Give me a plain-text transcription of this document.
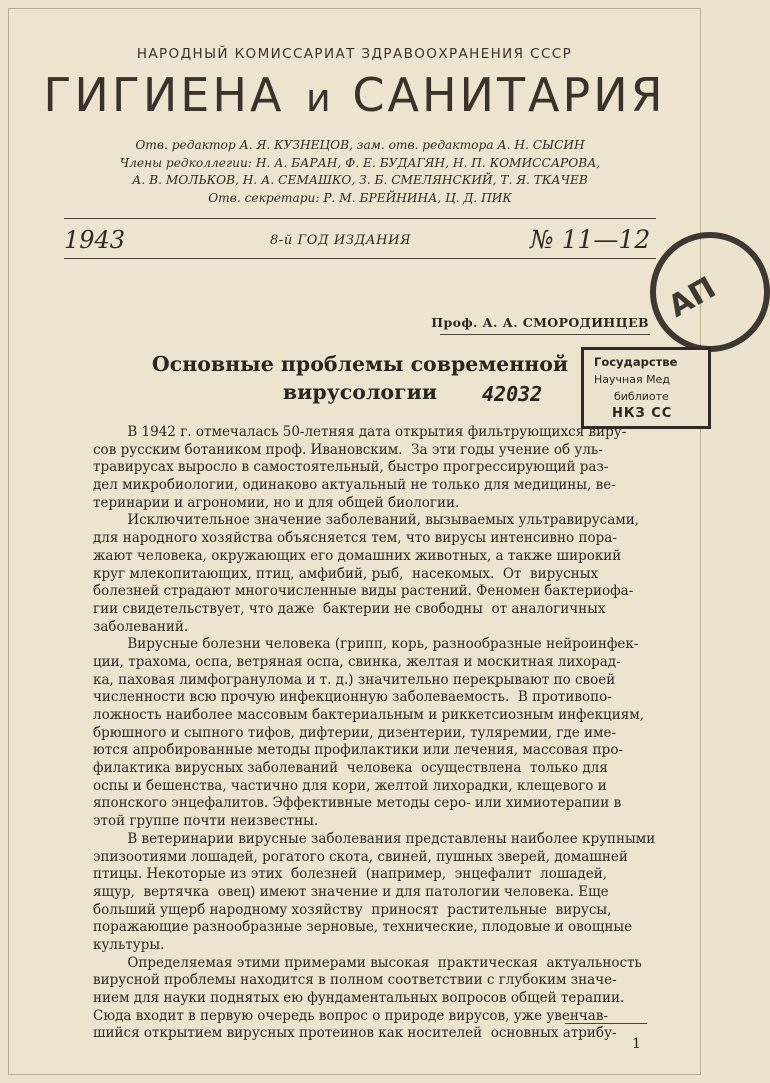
НАРОДНЫЙ КОМИССАРИАТ ЗДРАВООХРАНЕНИЯ СССР
ГИГИЕНА и САНИТАРИЯ
Отв. редактор А. Я. КУЗНЕЦОВ, зам. отв. редактора А. Н. СЫСИН
Члены редколлегии: Н. А. БАРАН, Ф. Е. БУДАГЯН, Н. П. КОМИССАРОВА,
А. В. МОЛЬКОВ, Н. А. СЕМАШКО, З. Б. СМЕЛЯНСКИЙ, Т. Я. ТКАЧЕВ
Отв. секретари: Р. М. БРЕЙНИНА, Ц. Д. ПИК
1943	8-й ГОД ИЗДАНИЯ	№ 11—12
АП
Проф. А. А. СМОРОДИНЦЕВ
Основные проблемы современной
вирусологии	42032
Государстве
Научная Мед
библиоте
НКЗ СС
В 1942 г. отмечалась 50-летняя дата открытия фильтрующихся виру-
сов русским ботаником проф. Ивановским.  За эти годы учение об уль-
травирусах выросло в самостоятельный, быстро прогрессирующий раз-
дел микробиологии, одинаково актуальный не только для медицины, ве-
теринарии и агрономии, но и для общей биологии.
Исключительное значение заболеваний, вызываемых ультравирусами,
для народного хозяйства объясняется тем, что вирусы интенсивно пора-
жают человека, окружающих его домашних животных, а также широкий
круг млекопитающих, птиц, амфибий, рыб,  насекомых.  От  вирусных
болезней страдают многочисленные виды растений. Феномен бактериофа-
гии свидетельствует, что даже  бактерии не свободны  от аналогичных
заболеваний.
Вирусные болезни человека (грипп, корь, разнообразные нейроинфек-
ции, трахома, оспа, ветряная оспа, свинка, желтая и москитная лихорад-
ка, паховая лимфогранулома и т. д.) значительно перекрывают по своей
численности всю прочую инфекционную заболеваемость.  В противопо-
ложность наиболее массовым бактериальным и риккетсиозным инфекциям,
брюшного и сыпного тифов, дифтерии, дизентерии, туляремии, где име-
ются апробированные методы профилактики или лечения, массовая про-
филактика вирусных заболеваний  человека  осуществлена  только для
оспы и бешенства, частично для кори, желтой лихорадки, клещевого и
японского энцефалитов. Эффективные методы серо- или химиотерапии в
этой группе почти неизвестны.
В ветеринарии вирусные заболевания представлены наиболее крупными
эпизоотиями лошадей, рогатого скота, свиней, пушных зверей, домашней
птицы. Некоторые из этих  болезней  (например,  энцефалит  лошадей,
ящур,  вертячка  овец) имеют значение и для патологии человека. Еще
больший ущерб народному хозяйству  приносят  растительные  вирусы,
поражающие разнообразные зерновые, технические, плодовые и овощные
культуры.
Определяемая этими примерами высокая  практическая  актуальность
вирусной проблемы находится в полном соответствии с глубоким значе-
нием для науки поднятых ею фундаментальных вопросов общей терапии.
Сюда входит в первую очередь вопрос о природе вирусов, уже увенчав-
шийся открытием вирусных протеинов как носителей  основных атрибу-
1
